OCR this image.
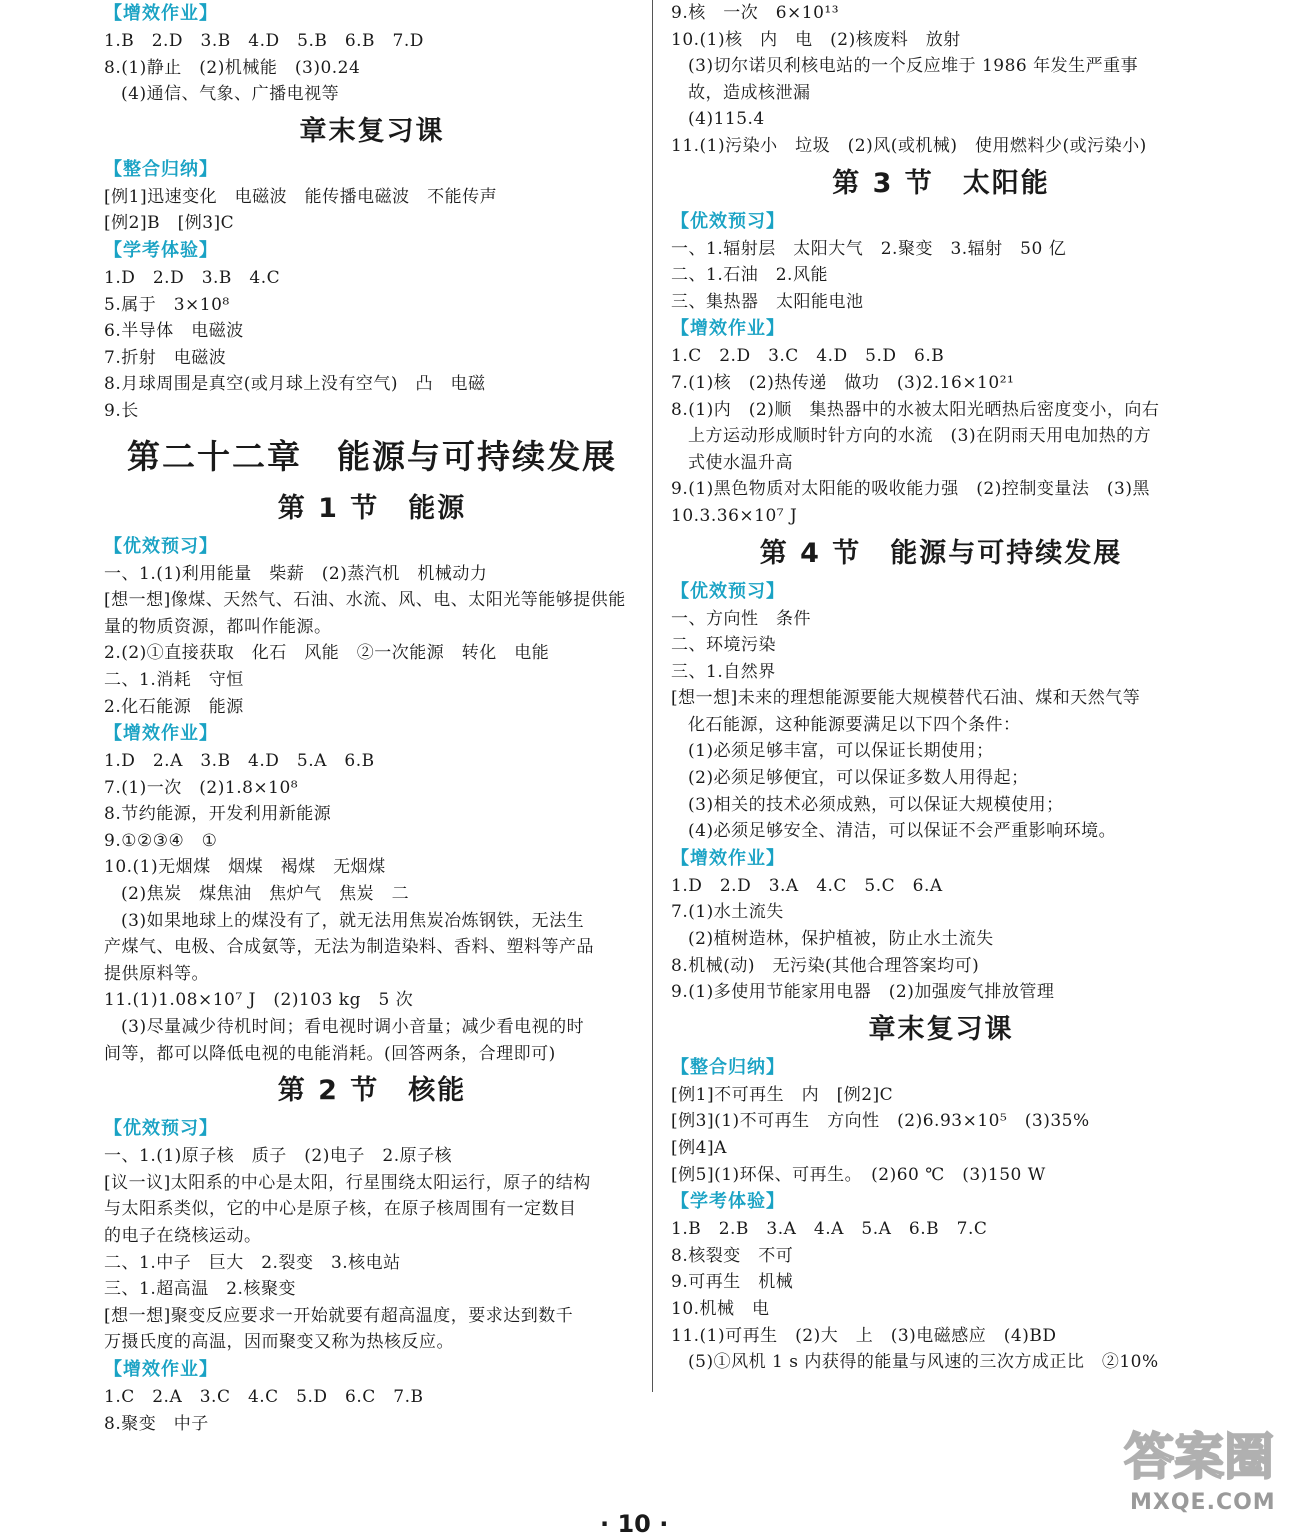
【增效作业】
1.B　2.D　3.B　4.D　5.B　6.B　7.D
8.(1)静止　(2)机械能　(3)0.24
(4)通信、气象、广播电视等
章末复习课
【整合归纳】
[例1]迅速变化　电磁波　能传播电磁波　不能传声
[例2]B　[例3]C
【学考体验】
1.D　2.D　3.B　4.C
5.属于　3×10⁸
6.半导体　电磁波
7.折射　电磁波
8.月球周围是真空(或月球上没有空气)　凸　电磁
9.长
第二十二章　能源与可持续发展
第 1 节　能源
【优效预习】
一、1.(1)利用能量　柴薪　(2)蒸汽机　机械动力
[想一想]像煤、天然气、石油、水流、风、电、太阳光等能够提供能
量的物质资源，都叫作能源。
2.(2)①直接获取　化石　风能　②一次能源　转化　电能
二、1.消耗　守恒
2.化石能源　能源
【增效作业】
1.D　2.A　3.B　4.D　5.A　6.B
7.(1)一次　(2)1.8×10⁸
8.节约能源，开发利用新能源
9.①②③④　①
10.(1)无烟煤　烟煤　褐煤　无烟煤
(2)焦炭　煤焦油　焦炉气　焦炭　二
(3)如果地球上的煤没有了，就无法用焦炭冶炼钢铁，无法生
产煤气、电极、合成氨等，无法为制造染料、香料、塑料等产品
提供原料等。
11.(1)1.08×10⁷ J　(2)103 kg　5 次
(3)尽量减少待机时间；看电视时调小音量；减少看电视的时
间等，都可以降低电视的电能消耗。(回答两条，合理即可)
第 2 节　核能
【优效预习】
一、1.(1)原子核　质子　(2)电子　2.原子核
[议一议]太阳系的中心是太阳，行星围绕太阳运行，原子的结构
与太阳系类似，它的中心是原子核，在原子核周围有一定数目
的电子在绕核运动。
二、1.中子　巨大　2.裂变　3.核电站
三、1.超高温　2.核聚变
[想一想]聚变反应要求一开始就要有超高温度，要求达到数千
万摄氏度的高温，因而聚变又称为热核反应。
【增效作业】
1.C　2.A　3.C　4.C　5.D　6.C　7.B
8.聚变　中子
9.核　一次　6×10¹³
10.(1)核　内　电　(2)核废料　放射
(3)切尔诺贝利核电站的一个反应堆于 1986 年发生严重事
故，造成核泄漏
(4)115.4
11.(1)污染小　垃圾　(2)风(或机械)　使用燃料少(或污染小)
第 3 节　太阳能
【优效预习】
一、1.辐射层　太阳大气　2.聚变　3.辐射　50 亿
二、1.石油　2.风能
三、集热器　太阳能电池
【增效作业】
1.C　2.D　3.C　4.D　5.D　6.B
7.(1)核　(2)热传递　做功　(3)2.16×10²¹
8.(1)内　(2)顺　集热器中的水被太阳光晒热后密度变小，向右
上方运动形成顺时针方向的水流　(3)在阴雨天用电加热的方
式使水温升高
9.(1)黑色物质对太阳能的吸收能力强　(2)控制变量法　(3)黑
10.3.36×10⁷ J
第 4 节　能源与可持续发展
【优效预习】
一、方向性　条件
二、环境污染
三、1.自然界
[想一想]未来的理想能源要能大规模替代石油、煤和天然气等
化石能源，这种能源要满足以下四个条件：
(1)必须足够丰富，可以保证长期使用；
(2)必须足够便宜，可以保证多数人用得起；
(3)相关的技术必须成熟，可以保证大规模使用；
(4)必须足够安全、清洁，可以保证不会严重影响环境。
【增效作业】
1.D　2.D　3.A　4.C　5.C　6.A
7.(1)水土流失
(2)植树造林，保护植被，防止水土流失
8.机械(动)　无污染(其他合理答案均可)
9.(1)多使用节能家用电器　(2)加强废气排放管理
章末复习课
【整合归纳】
[例1]不可再生　内　[例2]C
[例3](1)不可再生　方向性　(2)6.93×10⁵　(3)35%
[例4]A
[例5](1)环保、可再生。　(2)60 ℃　(3)150 W
【学考体验】
1.B　2.B　3.A　4.A　5.A　6.B　7.C
8.核裂变　不可
9.可再生　机械
10.机械　电
11.(1)可再生　(2)大　上　(3)电磁感应　(4)BD
(5)①风机 1 s 内获得的能量与风速的三次方成正比　②10%
· 10 ·
答案圈
MXQE.COM
